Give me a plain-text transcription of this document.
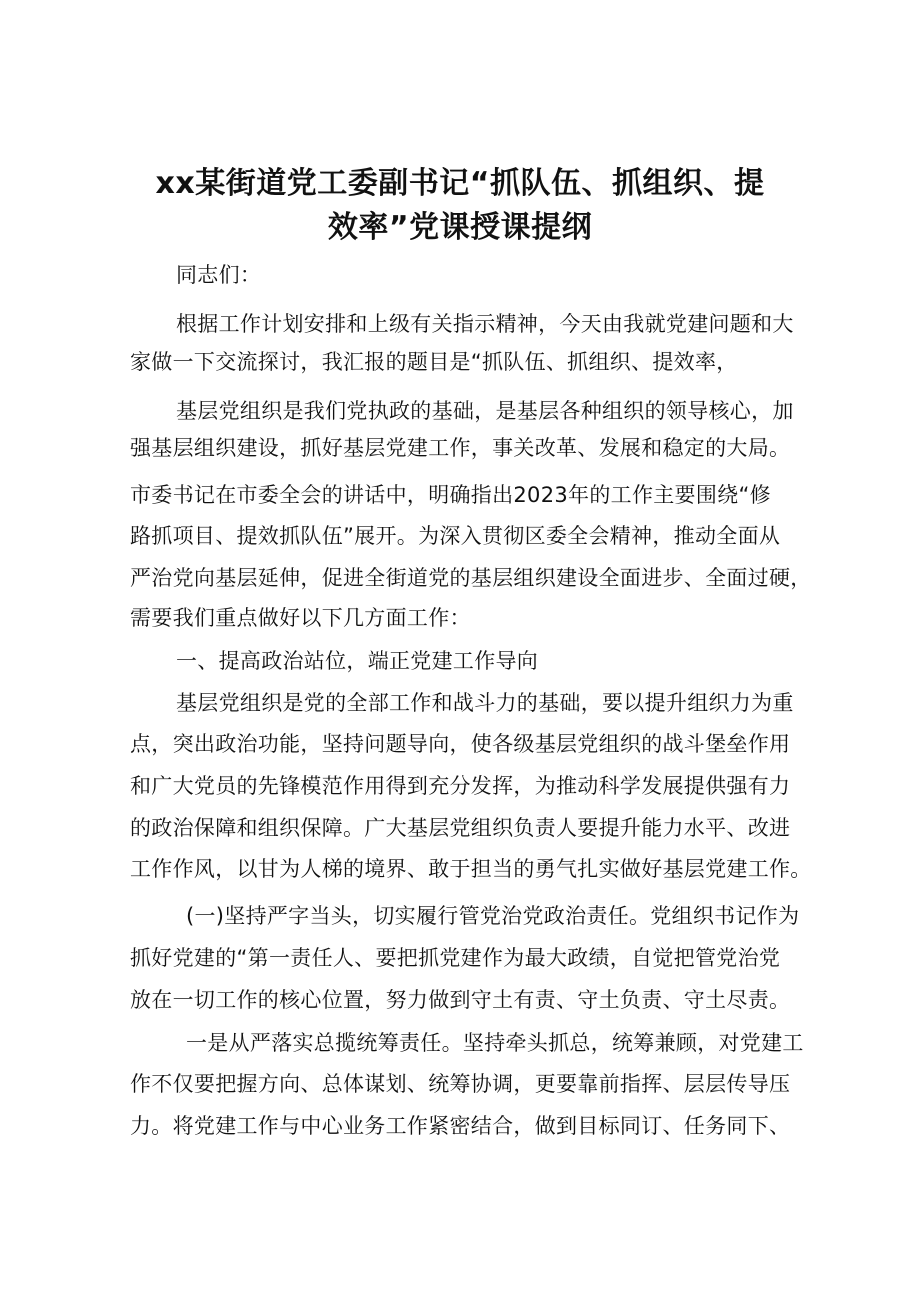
xx某街道党工委副书记“抓队伍、抓组织、提
效率”党课授课提纲
同志们：
根据工作计划安排和上级有关指示精神，今天由我就党建问题和大
家做一下交流探讨，我汇报的题目是“抓队伍、抓组织、提效率，
基层党组织是我们党执政的基础，是基层各种组织的领导核心，加
强基层组织建设，抓好基层党建工作，事关改革、发展和稳定的大局。
市委书记在市委全会的讲话中，明确指出2023年的工作主要围绕“修
路抓项目、提效抓队伍”展开。为深入贯彻区委全会精神，推动全面从
严治党向基层延伸，促进全街道党的基层组织建设全面进步、全面过硬，
需要我们重点做好以下几方面工作：
一、提高政治站位，端正党建工作导向
基层党组织是党的全部工作和战斗力的基础，要以提升组织力为重
点，突出政治功能，坚持问题导向，使各级基层党组织的战斗堡垒作用
和广大党员的先锋模范作用得到充分发挥，为推动科学发展提供强有力
的政治保障和组织保障。广大基层党组织负责人要提升能力水平、改进
工作作风，以甘为人梯的境界、敢于担当的勇气扎实做好基层党建工作。
(一)坚持严字当头，切实履行管党治党政治责任。党组织书记作为
抓好党建的“第一责任人、要把抓党建作为最大政绩，自觉把管党治党
放在一切工作的核心位置，努力做到守土有责、守土负责、守土尽责。
一是从严落实总揽统筹责任。坚持牵头抓总，统筹兼顾，对党建工
作不仅要把握方向、总体谋划、统筹协调，更要靠前指挥、层层传导压
力。将党建工作与中心业务工作紧密结合，做到目标同订、任务同下、
